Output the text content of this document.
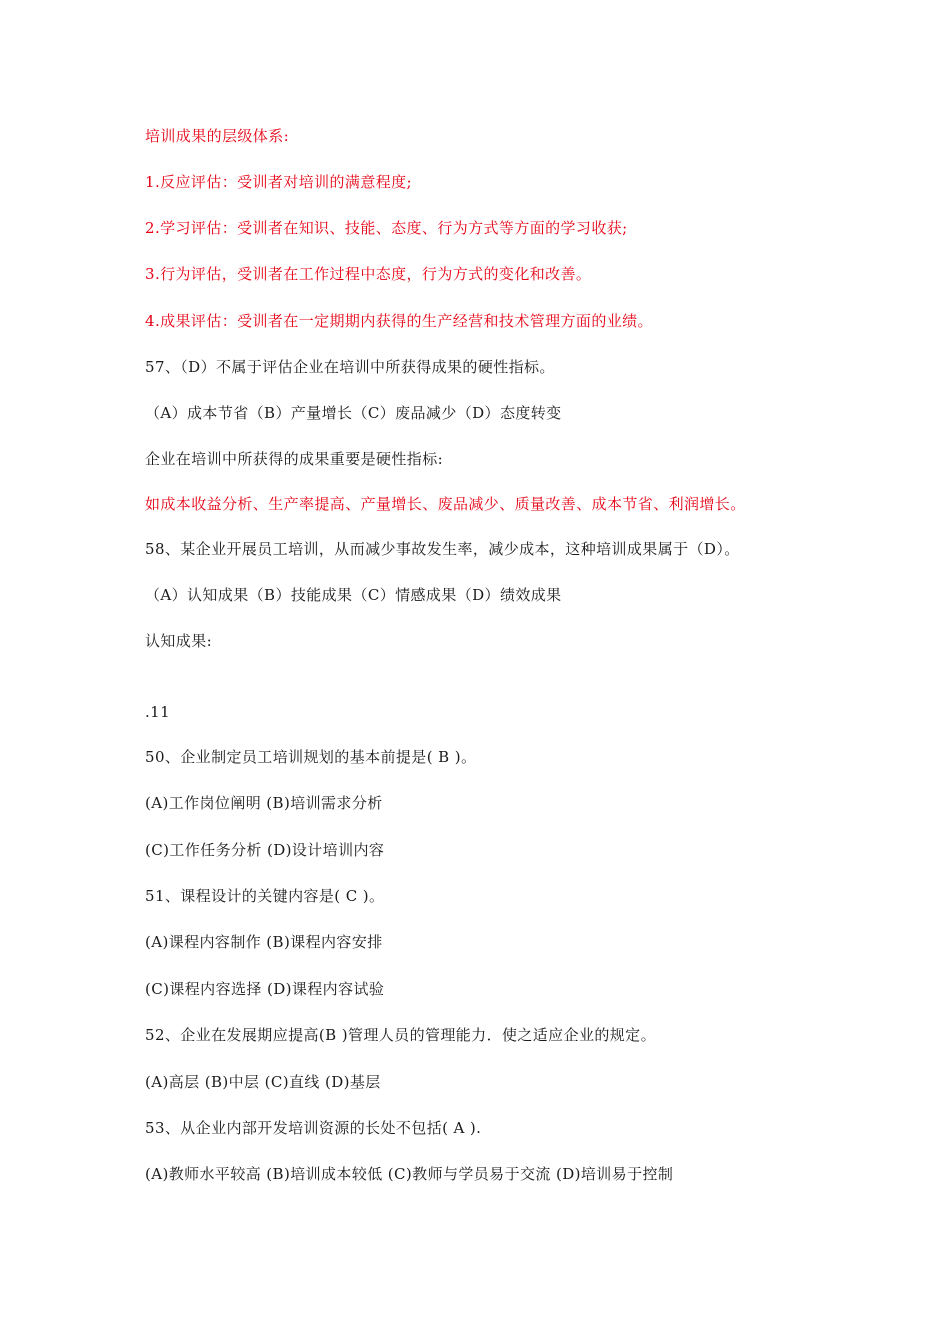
培训成果的层级体系:
1.反应评估：受训者对培训的满意程度;
2.学习评估：受训者在知识、技能、态度、行为方式等方面的学习收获;
3.行为评估，受训者在工作过程中态度，行为方式的变化和改善。
4.成果评估：受训者在一定期期内获得的生产经营和技术管理方面的业绩。
57、（D）不属于评估企业在培训中所获得成果的硬性指标。
（A）成本节省（B）产量增长（C）废品减少（D）态度转变
企业在培训中所获得的成果重要是硬性指标:
如成本收益分析、生产率提高、产量增长、废品减少、质量改善、成本节省、利润增长。
58、某企业开展员工培训，从而减少事故发生率，减少成本，这种培训成果属于（D）。
（A）认知成果（B）技能成果（C）情感成果（D）绩效成果
认知成果:
.11
50、企业制定员工培训规划的基本前提是( B )。
(A)工作岗位阐明 (B)培训需求分析
(C)工作任务分析 (D)设计培训内容
51、课程设计的关键内容是( C )。
(A)课程内容制作 (B)课程内容安排
(C)课程内容选择 (D)课程内容试验
52、企业在发展期应提高(B )管理人员的管理能力．使之适应企业的规定。
(A)高层 (B)中层 (C)直线 (D)基层
53、从企业内部开发培训资源的长处不包括( A ).
(A)教师水平较高 (B)培训成本较低 (C)教师与学员易于交流 (D)培训易于控制
